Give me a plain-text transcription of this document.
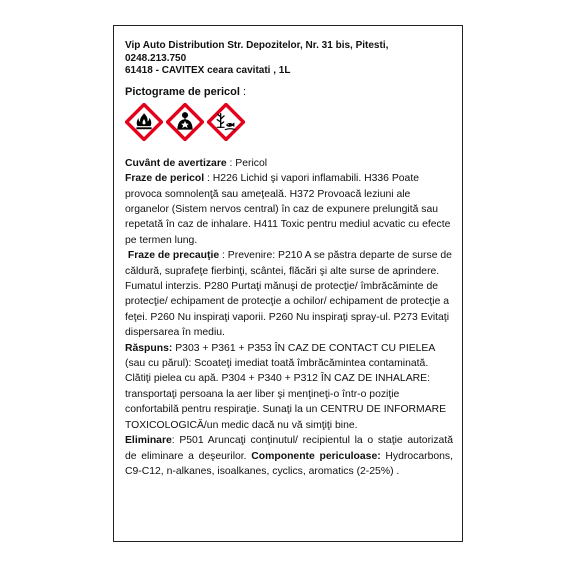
Vip Auto Distribution Str. Depozitelor, Nr. 31 bis, Pitesti,
0248.213.750
61418 - CAVITEX ceara cavitati , 1L
Pictograme de pericol :

Cuvânt de avertizare : Pericol

Fraze de pericol : H226 Lichid şi vapori inflamabili. H336 Poate provoca somnolenţă sau ameţeală. H372 Provoacă leziuni ale organelor (Sistem nervos central) în caz de expunere prelungită sau repetată în caz de inhalare. H411 Toxic pentru mediul acvatic cu efecte pe termen lung.

Fraze de precauţie : Prevenire: P210 A se păstra departe de surse de căldură, suprafeţe fierbinţi, scântei, flăcări şi alte surse de aprindere. Fumatul interzis. P280 Purtaţi mănuşi de protecţie/ îmbrăcăminte de protecţie/ echipament de protecţie a ochilor/ echipament de protecţie a feţei. P260 Nu inspiraţi vaporii. P260 Nu inspiraţi spray-ul. P273 Evitaţi dispersarea în mediu.

Răspuns: P303 + P361 + P353 ÎN CAZ DE CONTACT CU PIELEA (sau cu părul): Scoateţi imediat toată îmbrăcămintea contaminată. Clătiţi pielea cu apă. P304 + P340 + P312 ÎN CAZ DE INHALARE: transportaţi persoana la aer liber şi menţineţi-o într-o poziţie confortabilă pentru respiraţie. Sunaţi la un CENTRU DE INFORMARE TOXICOLOGICĂ/un medic dacă nu vă simţiţi bine.

Eliminare: P501 Aruncaţi conţinutul/ recipientul la o staţie autorizată de eliminare a deşeurilor. Componente periculoase: Hydrocarbons, C9-C12, n-alkanes, isoalkanes, cyclics, aromatics (2-25%) .
